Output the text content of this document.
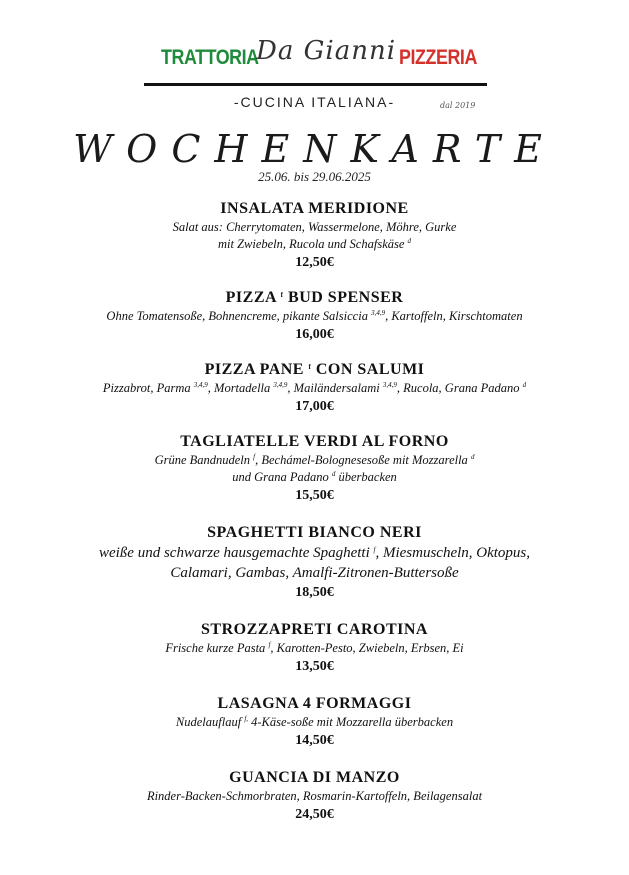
TRATTORIA
Da Gianni PIZZERIA
-CUCINA ITALIANA-	dal 2019
WOCHENKARTE
25.06. bis 29.06.2025
INSALATA MERIDIONE
Salat aus: Cherrytomaten, Wassermelone, Möhre, Gurke
mit Zwiebeln, Rucola und Schafskäse $^d$
12,50€
PIZZA $^f$ BUD SPENSER
Ohne Tomatensoße, Bohnencreme, pikante Salsiccia $^{3,4,9}$, Kartoffeln, Kirschtomaten
16,00€
PIZZA PANE $^f$ CON SALUMI
Pizzabrot, Parma $^{3,4,9}$, Mortadella $^{3,4,9}$, Mailändersalami $^{3,4,9}$, Rucola, Grana Padano $^d$
17,00€
TAGLIATELLE VERDI AL FORNO
Grüne Bandnudeln $^f$, Bechámel-Bolognesesoße mit Mozzarella $^d$
und Grana Padano $^d$ überbacken
15,50€
SPAGHETTI BIANCO NERI
weiße und schwarze hausgemachte Spaghetti $^f$, Miesmuscheln, Oktopus,
Calamari, Gambas, Amalfi-Zitronen-Buttersoße
18,50€
STROZZAPRETI CAROTINA
Frische kurze Pasta $^f$, Karotten-Pesto, Zwiebeln, Erbsen, Ei
13,50€
LASAGNA 4 FORMAGGI
Nudelauflauf $^{f,}$ 4-Käse-soße mit Mozzarella überbacken
14,50€
GUANCIA DI MANZO
Rinder-Backen-Schmorbraten, Rosmarin-Kartoffeln, Beilagensalat
24,50€
